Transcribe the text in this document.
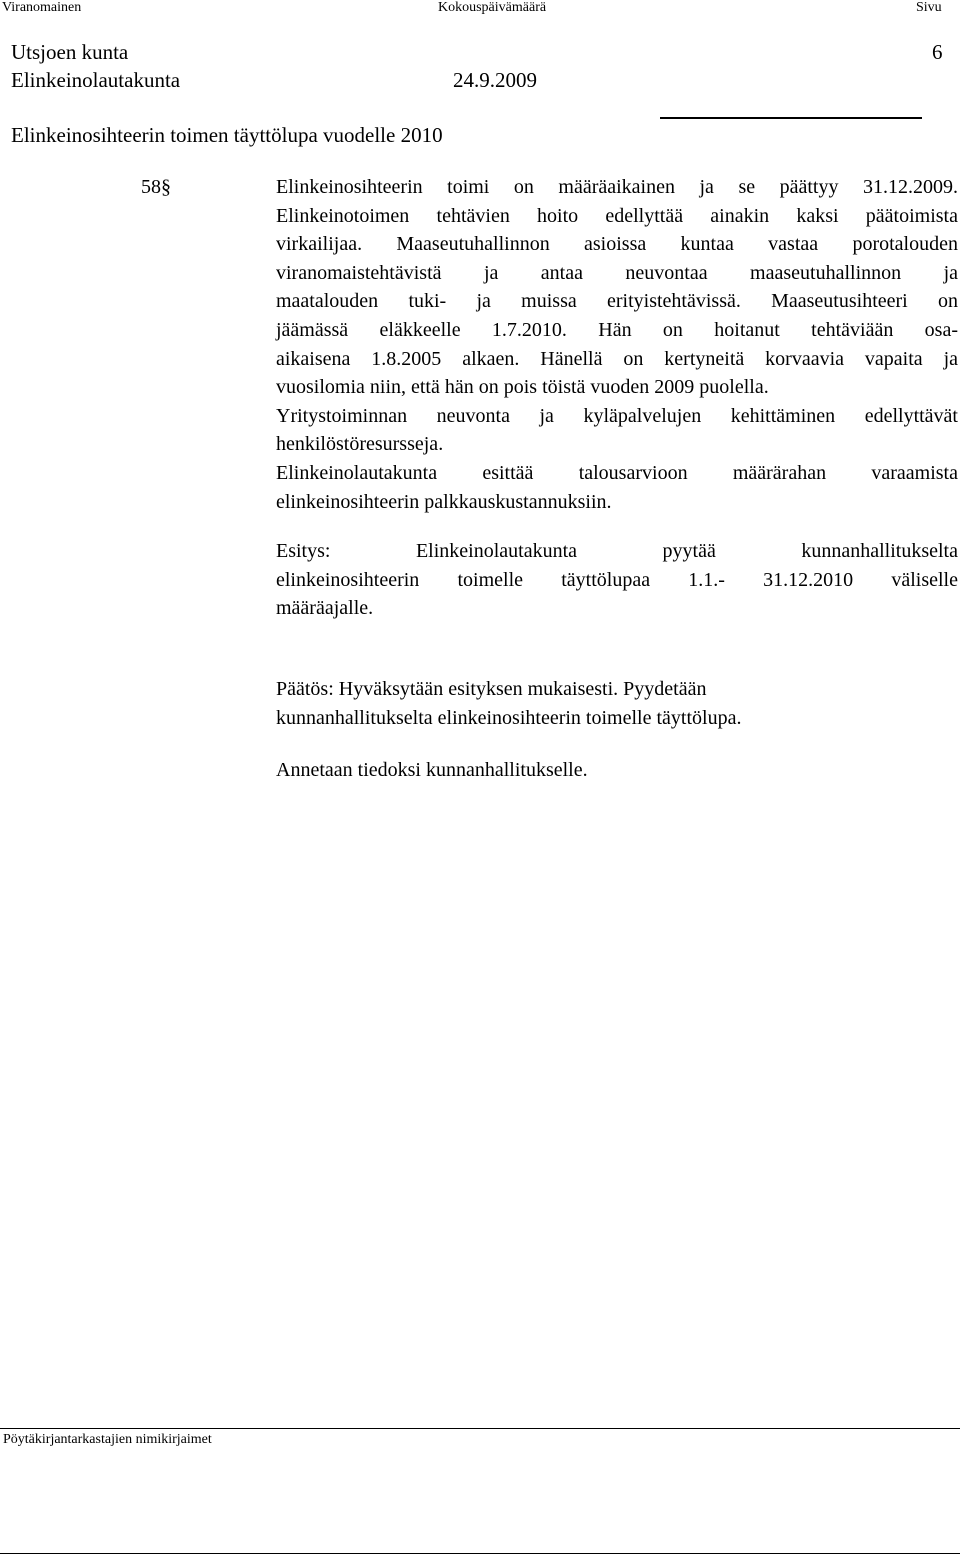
Viranomainen	Kokouspäivämäärä	Sivu
Utsjoen kunta	6
Elinkeinolautakunta	24.9.2009
Elinkeinosihteerin toimen täyttölupa vuodelle 2010
58§	Elinkeinosihteerin toimi on määräaikainen ja se päättyy 31.12.2009.
Elinkeinotoimen tehtävien hoito edellyttää ainakin kaksi päätoimista
virkailijaa. Maaseutuhallinnon asioissa kuntaa vastaa porotalouden
viranomaistehtävistä ja antaa neuvontaa maaseutuhallinnon ja
maatalouden tuki- ja muissa erityistehtävissä. Maaseutusihteeri on
jäämässä eläkkeelle 1.7.2010. Hän on hoitanut tehtäviään osa-
aikaisena 1.8.2005 alkaen. Hänellä on kertyneitä korvaavia vapaita ja
vuosilomia niin, että hän on pois töistä vuoden 2009 puolella.
Yritystoiminnan neuvonta ja kyläpalvelujen kehittäminen edellyttävät
henkilöstöresursseja.
Elinkeinolautakunta esittää talousarvioon määrärahan varaamista
elinkeinosihteerin palkkauskustannuksiin.
Esitys: Elinkeinolautakunta pyytää kunnanhallitukselta
elinkeinosihteerin toimelle täyttölupaa 1.1.- 31.12.2010 väliselle
määräajalle.
Päätös: Hyväksytään esityksen mukaisesti. Pyydetään
kunnanhallitukselta elinkeinosihteerin toimelle täyttölupa.
Annetaan tiedoksi kunnanhallitukselle.
Pöytäkirjantarkastajien nimikirjaimet
